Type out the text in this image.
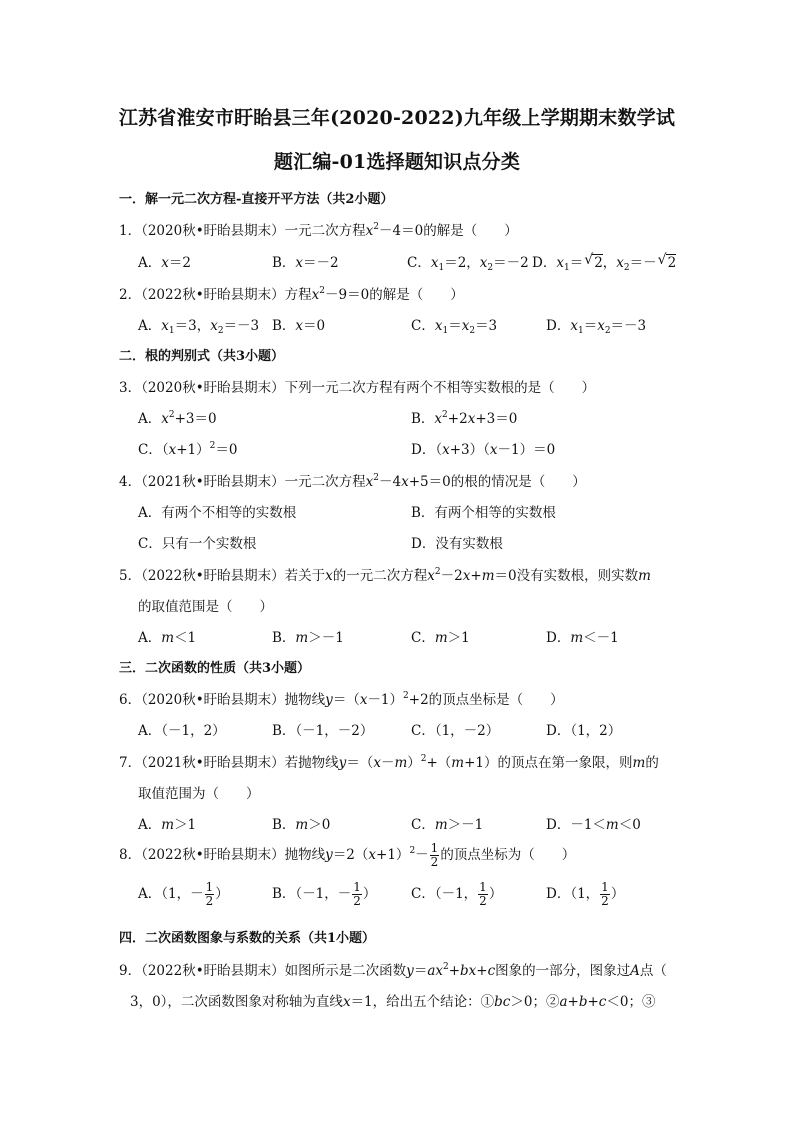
江苏省淮安市盱眙县三年(2020-2022)九年级上学期期末数学试
题汇编-01选择题知识点分类
一．解一元二次方程-直接开平方法（共2小题）
1．（2020秋•盱眙县期末）一元二次方程$x^2-4=0$的解是（　　）
A．x＝2	B．x＝－2	C．$x_1=2$，$x_2=-2$ D．$x_1=√$ 2，$x_2=-√$ 2
2．（2022秋•盱眙县期末）方程$x^2-9=0$的解是（　　）
A．$x_1=3$，$x_2=-3$ B．x＝0	C．$x_1=x_2=3$	D．$x_1=x_2=-3$
二．根的判别式（共3小题）
3．（2020秋•盱眙县期末）下列一元二次方程有两个不相等实数根的是（　　）
A．$x^2+3=0$	B．$x^2+2x+3=0$
C．$(x+1)^2=0$	D．（x+3）（x－1）＝0
4．（2021秋•盱眙县期末）一元二次方程$x^2-4x+5=0$的根的情况是（　　）
A．有两个不相等的实数根	B．有两个相等的实数根
C．只有一个实数根	D．没有实数根
5．（2022秋•盱眙县期末）若关于x的一元二次方程$x^2-2x+m=0$没有实数根，则实数m
的取值范围是（　　）
A．m＜1	B．m＞－1	C．m＞1	D．m＜－1
三．二次函数的性质（共3小题）
6．（2020秋•盱眙县期末）抛物线$y=(x-1)^2+2$的顶点坐标是（　　）
A．（－1，2）	B．（－1，－2）	C．（1，－2）	D．（1，2）
7．（2021秋•盱眙县期末）若抛物线$y=(x-m)^2+(m+1)$的顶点在第一象限，则m的
取值范围为（　　）
A．m＞1	B．m＞0	C．m＞－1	D．－1＜m＜0
8．（2022秋•盱眙县期末）抛物线$y=2(x+1)^2- \frac{1}{2}$ 的顶点坐标为（　　）
A．（1，－ $\frac{1}{2}$ ）	B．（－1，－ $\frac{1}{2}$ ）	C．（－1， $\frac{1}{2}$ ）	D．（1， $\frac{1}{2}$ ）
四．二次函数图象与系数的关系（共1小题）
9．（2022秋•盱眙县期末）如图所示是二次函数$y=ax^2+bx+c$图象的一部分，图象过A点（
3，0），二次函数图象对称轴为直线x＝1，给出五个结论：①bc＞0；②a+b+c＜0；③
